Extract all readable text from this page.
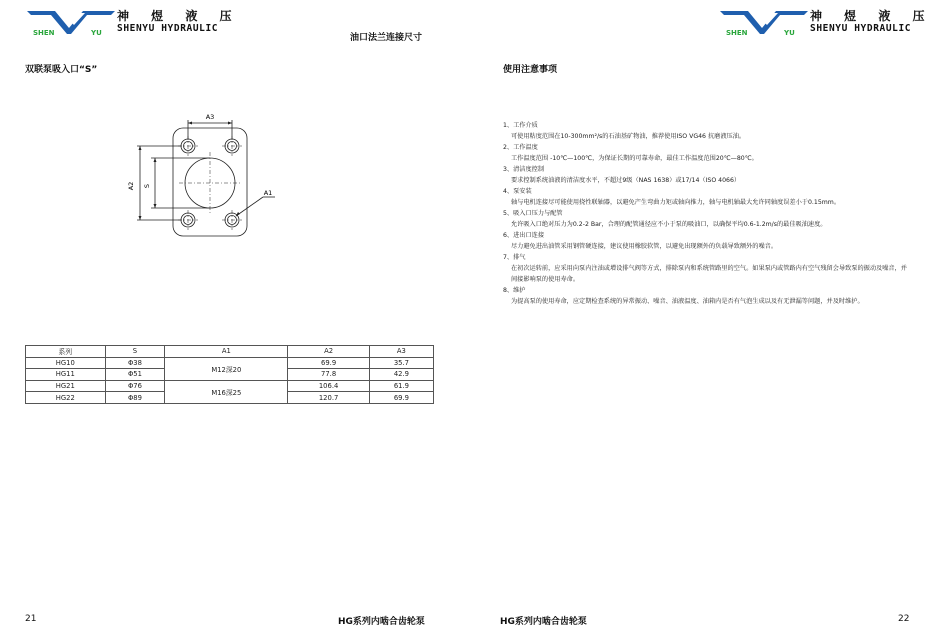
SHEN	YU
神 煜 液 压
SHENYU HYDRAULIC	SHEN	YU
神 煜 液 压
SHENYU HYDRAULIC
油口法兰连接尺寸
双联泵吸入口“S”	使用注意事项
A3
A2 S
A1
1、工作介质
可使用粘度范围在10-300mm²/s的石油基矿物油，推荐使用ISO VG46 抗磨液压油。
2、工作温度
工作温度范围 -10℃—100℃，为保证长期的可靠寿命，最佳工作温度范围20℃—80℃。
3、清洁度控制
要求控制系统油液的清洁度水平，不超过9级（NAS 1638）或17/14（ISO 4066）
4、泵安装
轴与电机连接尽可能使用挠性联轴器，以避免产生弯曲力矩或轴向推力，轴与电机轴最大允许同轴度误差小于0.15mm。
5、吸入口压力与配管
允许吸入口绝对压力为0.2-2 Bar，合理的配管通径应不小于泵的吸油口，以确保平均0.6-1.2m/s的最佳吸油速度。
6、进出口连接
尽力避免进出油管采用钢管硬连接，建议使用橡胶软管，以避免出现额外的负载导致额外的噪音。
7、排气
在初次运转前，应采用向泵内注油或增设排气阀等方式，排除泵内和系统管路里的空气。如果泵内或管路内有空气残留会导致泵的振动及噪音，并间接影响泵的使用寿命。
8、维护
为提高泵的使用寿命，应定期检查系统的异常振动、噪音、油液温度、油箱内是否有气泡生成以及有无泄漏等问题，并及时维护。
系列	S	A1	A2	A3
HG10	Φ38	M12深20	69.9	35.7
HG11	Φ51		77.8	42.9
HG21	Φ76	M16深25	106.4	61.9
HG22	Φ89		120.7	69.9
21	HG系列内啮合齿轮泵	HG系列内啮合齿轮泵	22
